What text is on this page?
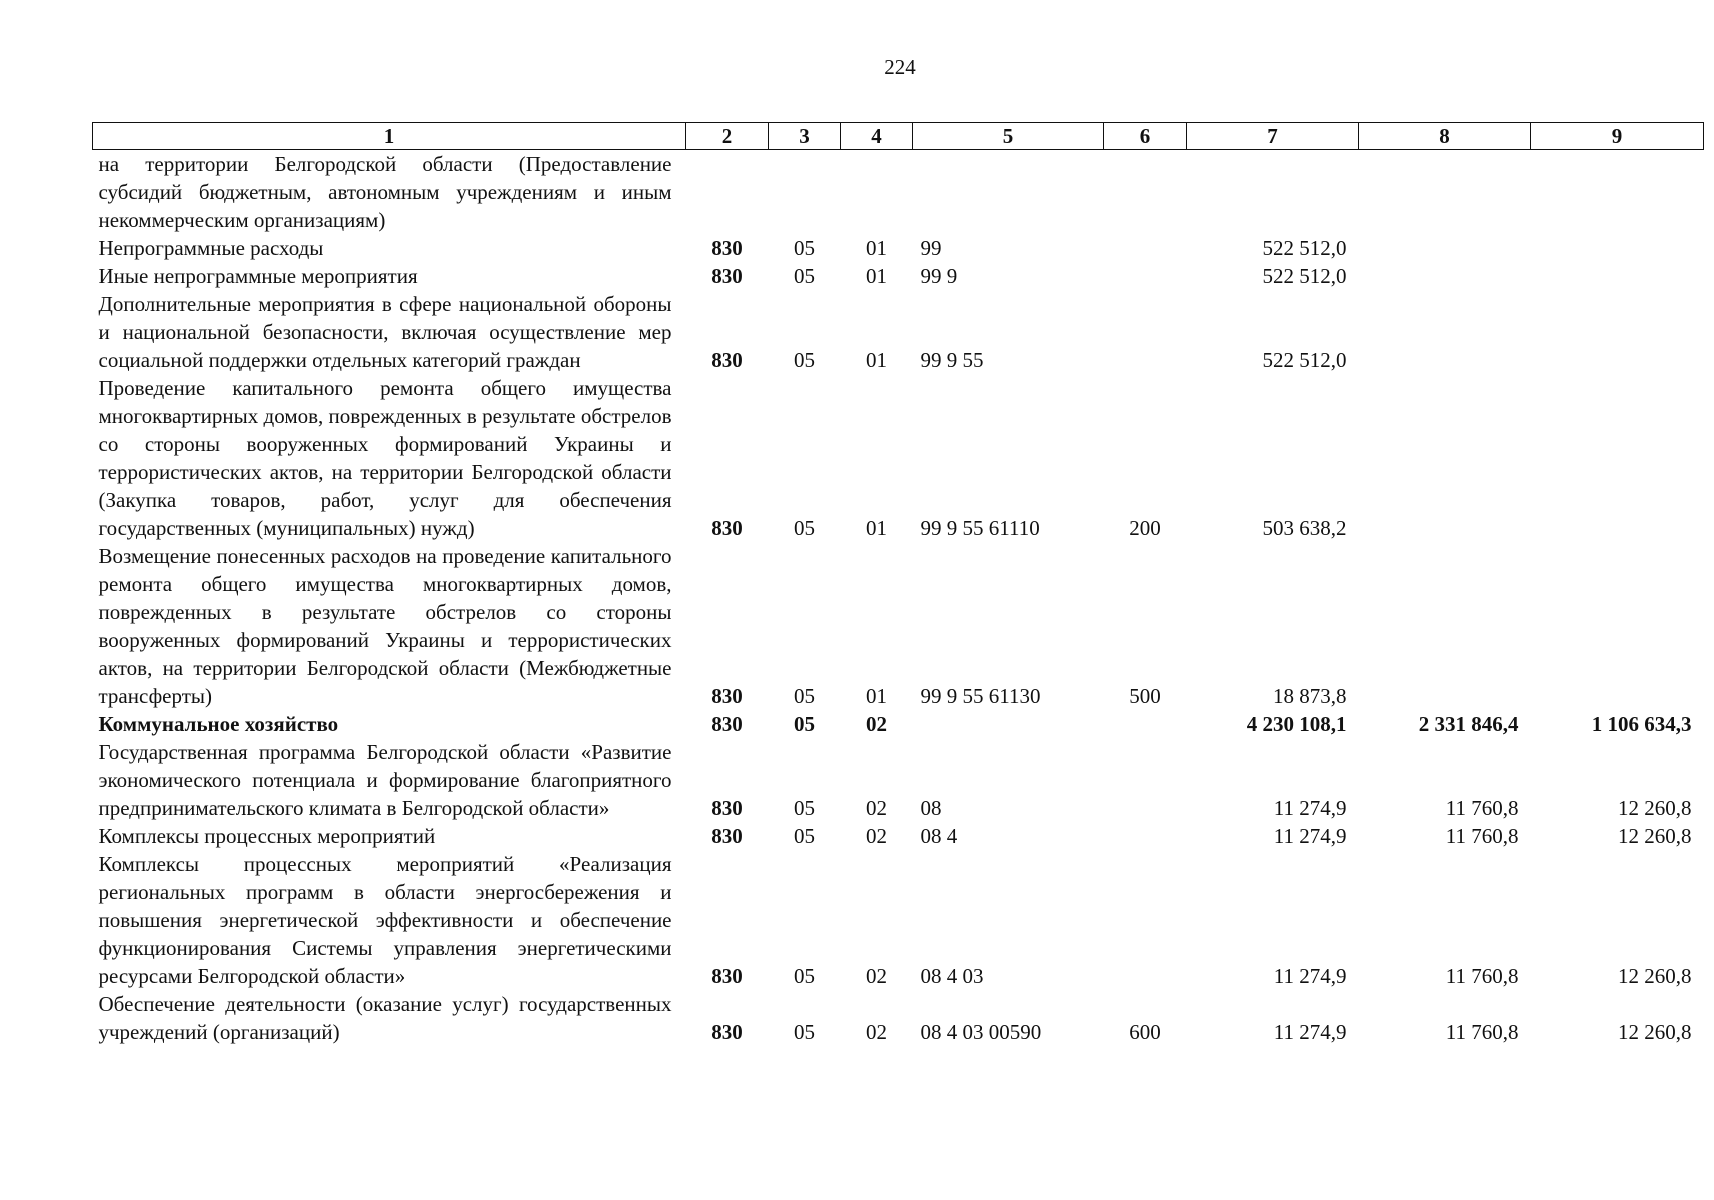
224
1	2	3	4	5	6	7	8	9
на территории Белгородской области (Предоставление субсидий бюджетным, автономным учреждениям и иным некоммерческим организациям)								
Непрограммные расходы	830	05	01	99		522 512,0		
Иные непрограммные мероприятия	830	05	01	99 9		522 512,0		
Дополнительные мероприятия в сфере национальной обороны и национальной безопасности, включая осуществление мер социальной поддержки отдельных категорий граждан	830	05	01	99 9 55		522 512,0		
Проведение капитального ремонта общего имущества многоквартирных домов, поврежденных в результате обстрелов со стороны вооруженных формирований Украины и террористических актов, на территории Белгородской области (Закупка товаров, работ, услуг для обеспечения государственных (муниципальных) нужд)	830	05	01	99 9 55 61110	200	503 638,2		
Возмещение понесенных расходов на проведение капитального ремонта общего имущества многоквартирных домов, поврежденных в результате обстрелов со стороны вооруженных формирований Украины и террористических актов, на территории Белгородской области (Межбюджетные трансферты)	830	05	01	99 9 55 61130	500	18 873,8		
Коммунальное хозяйство	830	05	02			4 230 108,1	2 331 846,4	1 106 634,3
Государственная программа Белгородской области «Развитие экономического потенциала и формирование благоприятного предпринимательского климата в Белгородской области»	830	05	02	08		11 274,9	11 760,8	12 260,8
Комплексы процессных мероприятий	830	05	02	08 4		11 274,9	11 760,8	12 260,8
Комплексы процессных мероприятий «Реализация региональных программ в области энергосбережения и повышения энергетической эффективности и обеспечение функционирования Системы управления энергетическими ресурсами Белгородской области»	830	05	02	08 4 03		11 274,9	11 760,8	12 260,8
Обеспечение деятельности (оказание услуг) государственных учреждений (организаций)	830	05	02	08 4 03 00590	600	11 274,9	11 760,8	12 260,8
